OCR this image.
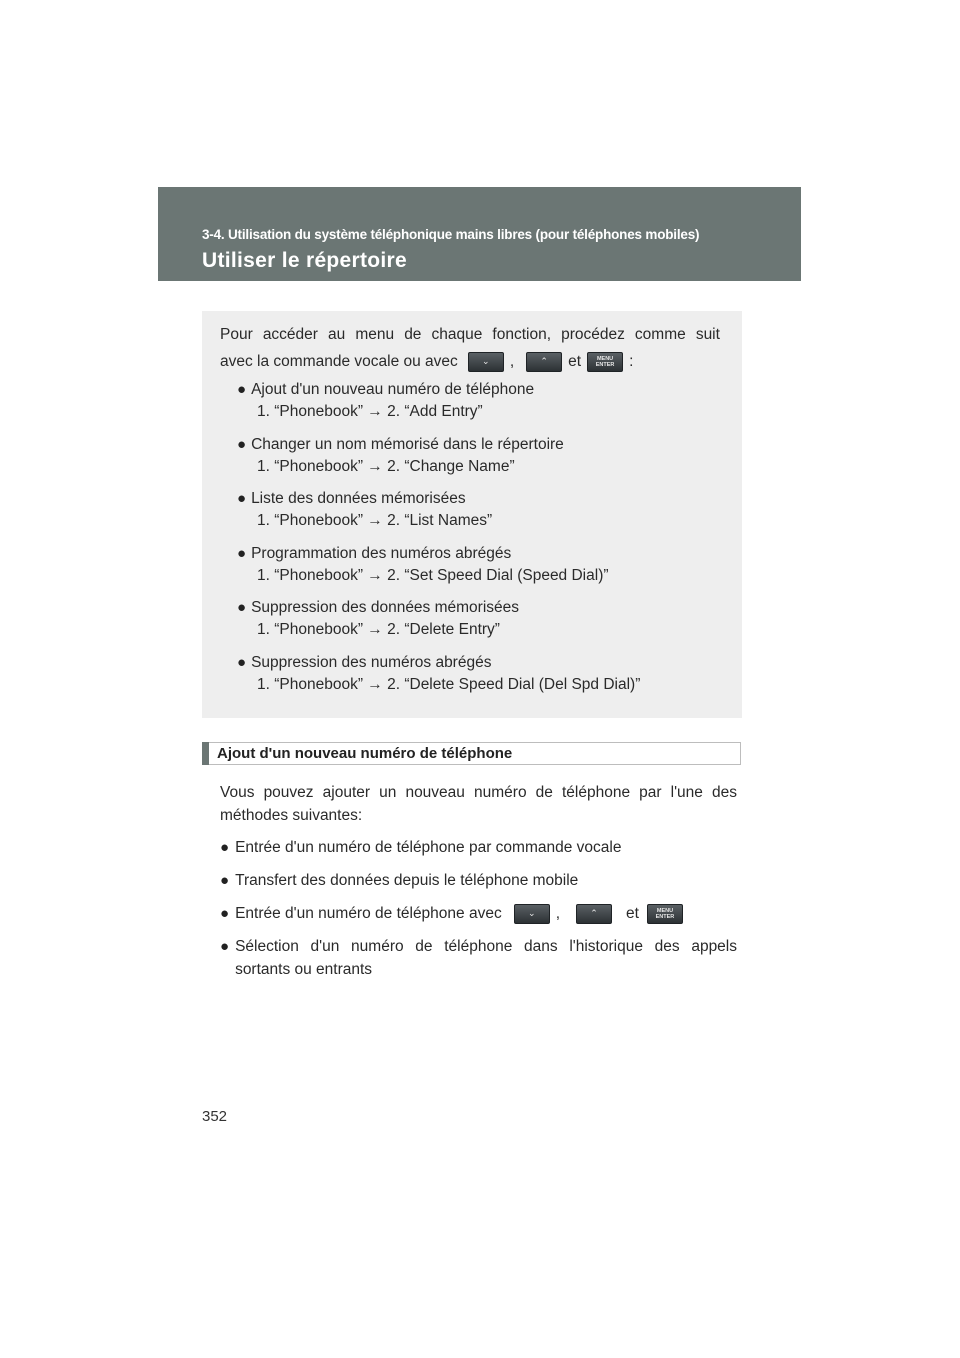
3-4. Utilisation du système téléphonique mains libres (pour téléphones mobiles)
Utiliser le répertoire
Pour accéder au menu de chaque fonction, procédez comme suit
avec la commande vocale ou avec	⌄	,	⌃	et	MENU
ENTER :
● Ajout d'un nouveau numéro de téléphone
1. “Phonebook” → 2. “Add Entry”
● Changer un nom mémorisé dans le répertoire
1. “Phonebook” → 2. “Change Name”
● Liste des données mémorisées
1. “Phonebook” → 2. “List Names”
● Programmation des numéros abrégés
1. “Phonebook” → 2. “Set Speed Dial (Speed Dial)”
● Suppression des données mémorisées
1. “Phonebook” → 2. “Delete Entry”
● Suppression des numéros abrégés
1. “Phonebook” → 2. “Delete Speed Dial (Del Spd Dial)”
Ajout d'un nouveau numéro de téléphone
Vous pouvez ajouter un nouveau numéro de téléphone par l'une des méthodes suivantes:
● Entrée d'un numéro de téléphone par commande vocale
● Transfert des données depuis le téléphone mobile
● Entrée d'un numéro de téléphone avec	⌄	,	⌃	et	MENU
ENTER
● Sélection d'un numéro de téléphone dans l'historique des appels sortants ou entrants
352
